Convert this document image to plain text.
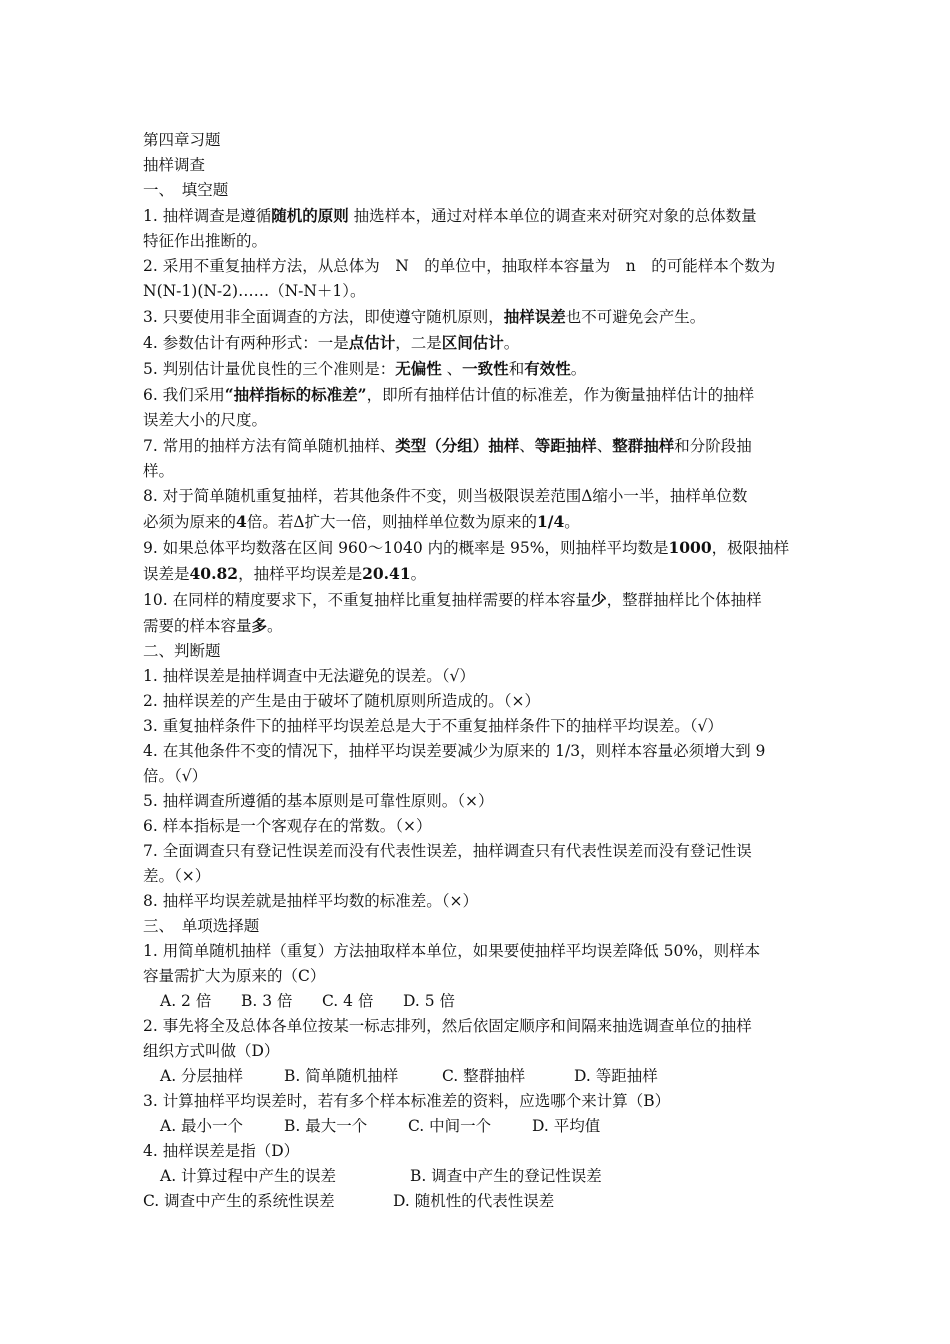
第四章习题
抽样调查
一、　填空题
1. 抽样调查是遵循随机的原则 抽选样本，通过对样本单位的调查来对研究对象的总体数量
特征作出推断的。
2. 采用不重复抽样方法，从总体为　N　的单位中，抽取样本容量为　n　的可能样本个数为
N(N-1)(N-2)……（N-N＋1）。
3. 只要使用非全面调查的方法，即使遵守随机原则，抽样误差也不可避免会产生。
4. 参数估计有两种形式：一是点估计，二是区间估计。
5. 判别估计量优良性的三个准则是：无偏性 、一致性和有效性。
6. 我们采用“抽样指标的标准差”，即所有抽样估计值的标准差，作为衡量抽样估计的抽样
误差大小的尺度。
7. 常用的抽样方法有简单随机抽样、类型（分组）抽样、等距抽样、整群抽样和分阶段抽
样。
8. 对于简单随机重复抽样，若其他条件不变，则当极限误差范围Δ缩小一半，抽样单位数
必须为原来的4倍。若Δ扩大一倍，则抽样单位数为原来的1/4。
9. 如果总体平均数落在区间 960～1040 内的概率是 95%，则抽样平均数是1000，极限抽样
误差是40.82，抽样平均误差是20.41。
10. 在同样的精度要求下，不重复抽样比重复抽样需要的样本容量少，整群抽样比个体抽样
需要的样本容量多。
二、判断题
1. 抽样误差是抽样调查中无法避免的误差。（√）
2. 抽样误差的产生是由于破坏了随机原则所造成的。（×）
3. 重复抽样条件下的抽样平均误差总是大于不重复抽样条件下的抽样平均误差。（√）
4. 在其他条件不变的情况下，抽样平均误差要减少为原来的 1/3，则样本容量必须增大到 9
倍。（√）
5. 抽样调查所遵循的基本原则是可靠性原则。（×）
6. 样本指标是一个客观存在的常数。（×）
7. 全面调查只有登记性误差而没有代表性误差，抽样调查只有代表性误差而没有登记性误
差。（×）
8. 抽样平均误差就是抽样平均数的标准差。（×）
三、　单项选择题
1. 用简单随机抽样（重复）方法抽取样本单位，如果要使抽样平均误差降低 50%，则样本
容量需扩大为原来的（C）
A. 2 倍	B. 3 倍	C. 4 倍	D. 5 倍
2. 事先将全及总体各单位按某一标志排列，然后依固定顺序和间隔来抽选调查单位的抽样
组织方式叫做（D）
A. 分层抽样	B. 简单随机抽样	C. 整群抽样	D. 等距抽样
3. 计算抽样平均误差时，若有多个样本标准差的资料，应选哪个来计算（B）
A. 最小一个	B. 最大一个	C. 中间一个	D. 平均值
4. 抽样误差是指（D）
A. 计算过程中产生的误差	B. 调查中产生的登记性误差
C. 调查中产生的系统性误差	D. 随机性的代表性误差
